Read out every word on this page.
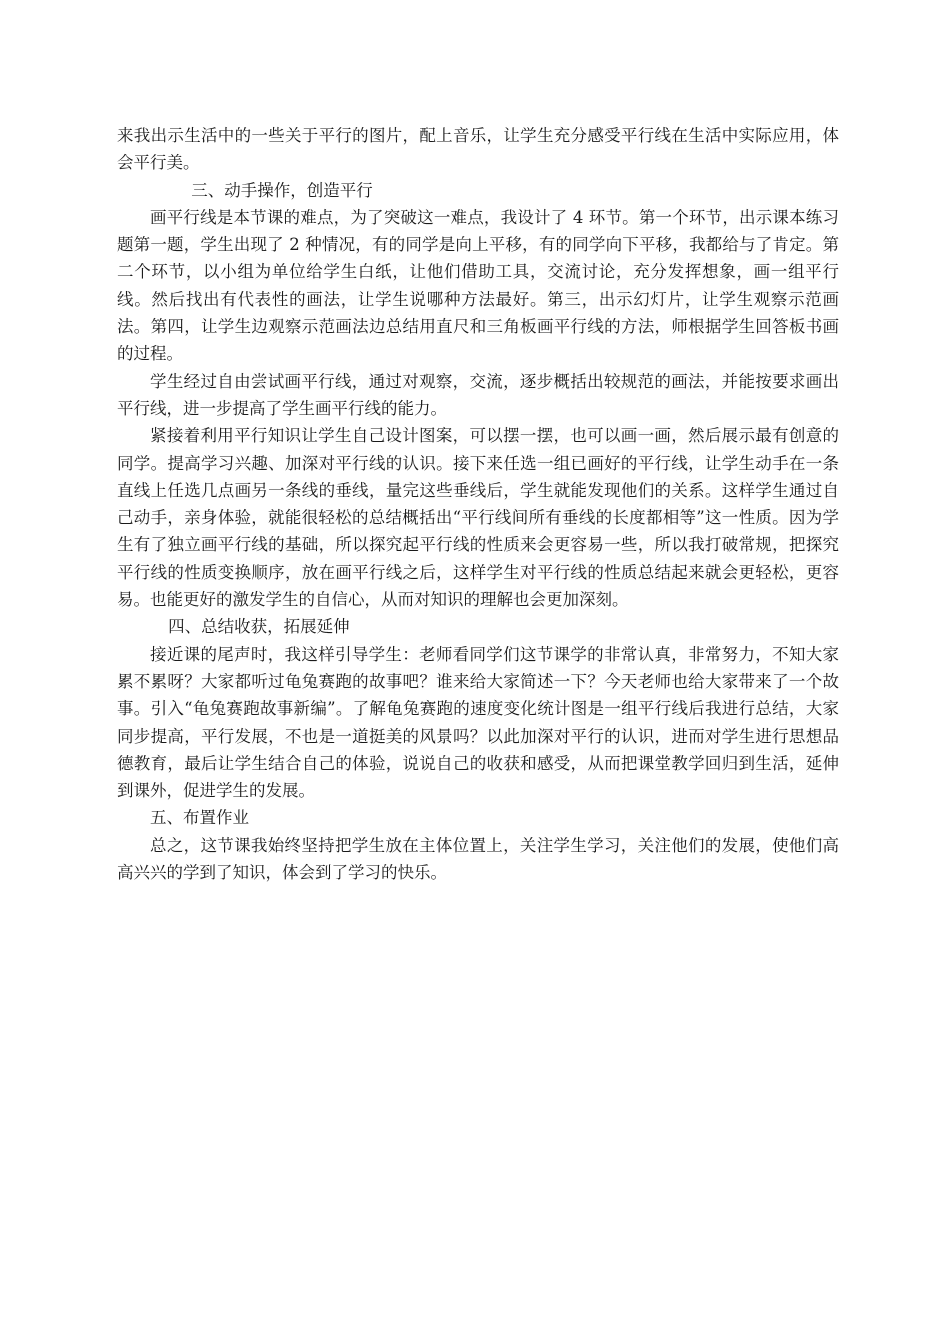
来我出示生活中的一些关于平行的图片，配上音乐，让学生充分感受平行线在生活中实际应用，体会平行美。

三、动手操作，创造平行

画平行线是本节课的难点，为了突破这一难点，我设计了 4 环节。第一个环节，出示课本练习题第一题，学生出现了 2 种情况，有的同学是向上平移，有的同学向下平移，我都给与了肯定。第二个环节，以小组为单位给学生白纸，让他们借助工具，交流讨论，充分发挥想象，画一组平行线。然后找出有代表性的画法，让学生说哪种方法最好。第三，出示幻灯片，让学生观察示范画法。第四，让学生边观察示范画法边总结用直尺和三角板画平行线的方法，师根据学生回答板书画的过程。

学生经过自由尝试画平行线，通过对观察，交流，逐步概括出较规范的画法，并能按要求画出平行线，进一步提高了学生画平行线的能力。

紧接着利用平行知识让学生自己设计图案，可以摆一摆，也可以画一画，然后展示最有创意的同学。提高学习兴趣、加深对平行线的认识。接下来任选一组已画好的平行线，让学生动手在一条直线上任选几点画另一条线的垂线，量完这些垂线后，学生就能发现他们的关系。这样学生通过自己动手，亲身体验，就能很轻松的总结概括出“平行线间所有垂线的长度都相等”这一性质。因为学生有了独立画平行线的基础，所以探究起平行线的性质来会更容易一些，所以我打破常规，把探究平行线的性质变换顺序，放在画平行线之后，这样学生对平行线的性质总结起来就会更轻松，更容易。也能更好的激发学生的自信心，从而对知识的理解也会更加深刻。

四、总结收获，拓展延伸

接近课的尾声时，我这样引导学生：老师看同学们这节课学的非常认真，非常努力，不知大家累不累呀？大家都听过龟兔赛跑的故事吧？谁来给大家简述一下？今天老师也给大家带来了一个故事。引入“龟兔赛跑故事新编”。了解龟兔赛跑的速度变化统计图是一组平行线后我进行总结，大家同步提高，平行发展，不也是一道挺美的风景吗？以此加深对平行的认识，进而对学生进行思想品德教育，最后让学生结合自己的体验，说说自己的收获和感受，从而把课堂教学回归到生活，延伸到课外，促进学生的发展。

五、布置作业

总之，这节课我始终坚持把学生放在主体位置上，关注学生学习，关注他们的发展，使他们高高兴兴的学到了知识，体会到了学习的快乐。
